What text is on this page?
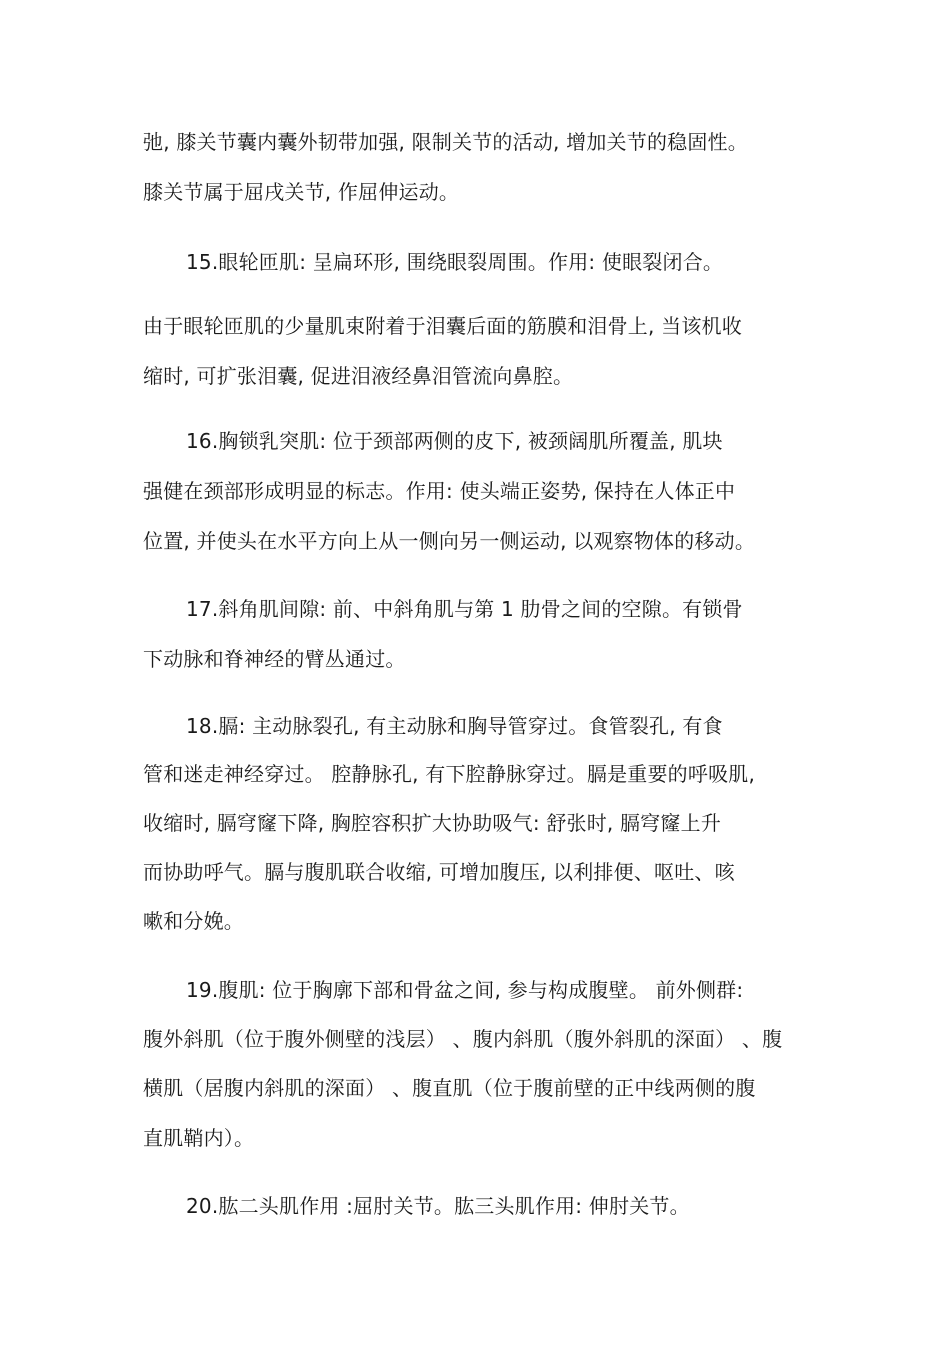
弛, 膝关节囊内囊外韧带加强, 限制关节的活动, 增加关节的稳固性。
膝关节属于屈戌关节, 作屈伸运动。
15.眼轮匝肌: 呈扁环形, 围绕眼裂周围。作用: 使眼裂闭合。
由于眼轮匝肌的少量肌束附着于泪囊后面的筋膜和泪骨上, 当该机收
缩时, 可扩张泪囊, 促进泪液经鼻泪管流向鼻腔。
16.胸锁乳突肌: 位于颈部两侧的皮下, 被颈阔肌所覆盖, 肌块
强健在颈部形成明显的标志。作用: 使头端正姿势, 保持在人体正中
位置, 并使头在水平方向上从一侧向另一侧运动, 以观察物体的移动。
17.斜角肌间隙: 前、中斜角肌与第 1 肋骨之间的空隙。有锁骨
下动脉和脊神经的臂丛通过。
18.膈: 主动脉裂孔, 有主动脉和胸导管穿过。食管裂孔, 有食
管和迷走神经穿过。 腔静脉孔, 有下腔静脉穿过。膈是重要的呼吸肌,
收缩时, 膈穹窿下降, 胸腔容积扩大协助吸气: 舒张时, 膈穹窿上升
而协助呼气。膈与腹肌联合收缩, 可增加腹压, 以利排便、呕吐、咳
嗽和分娩。
19.腹肌: 位于胸廓下部和骨盆之间, 参与构成腹壁。 前外侧群:
腹外斜肌（位于腹外侧壁的浅层） 、腹内斜肌（腹外斜肌的深面） 、腹
横肌（居腹内斜肌的深面） 、腹直肌（位于腹前壁的正中线两侧的腹
直肌鞘内）。
20.肱二头肌作用 :屈肘关节。肱三头肌作用: 伸肘关节。
